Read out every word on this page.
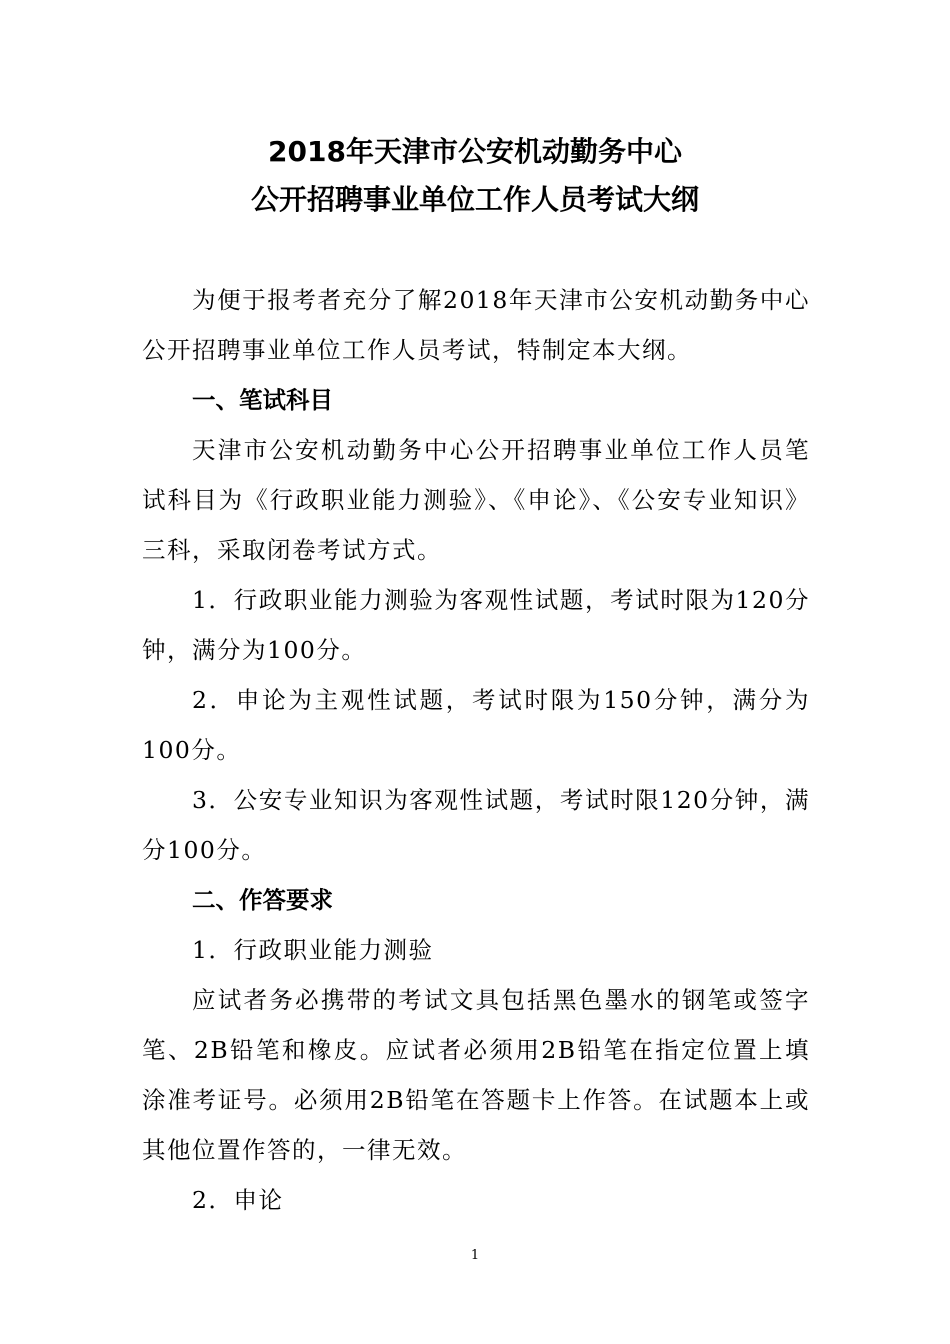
2018年天津市公安机动勤务中心
公开招聘事业单位工作人员考试大纲

为便于报考者充分了解2018年天津市公安机动勤务中心公开招聘事业单位工作人员考试，特制定本大纲。

一、笔试科目

天津市公安机动勤务中心公开招聘事业单位工作人员笔试科目为《行政职业能力测验》、《申论》、《公安专业知识》三科，采取闭卷考试方式。

1．行政职业能力测验为客观性试题，考试时限为120分钟，满分为100分。

2．申论为主观性试题，考试时限为150分钟，满分为100分。

3．公安专业知识为客观性试题，考试时限120分钟，满分100分。

二、作答要求

1．行政职业能力测验

应试者务必携带的考试文具包括黑色墨水的钢笔或签字笔、2B铅笔和橡皮。应试者必须用2B铅笔在指定位置上填涂准考证号。必须用2B铅笔在答题卡上作答。在试题本上或其他位置作答的，一律无效。

2．申论

1
